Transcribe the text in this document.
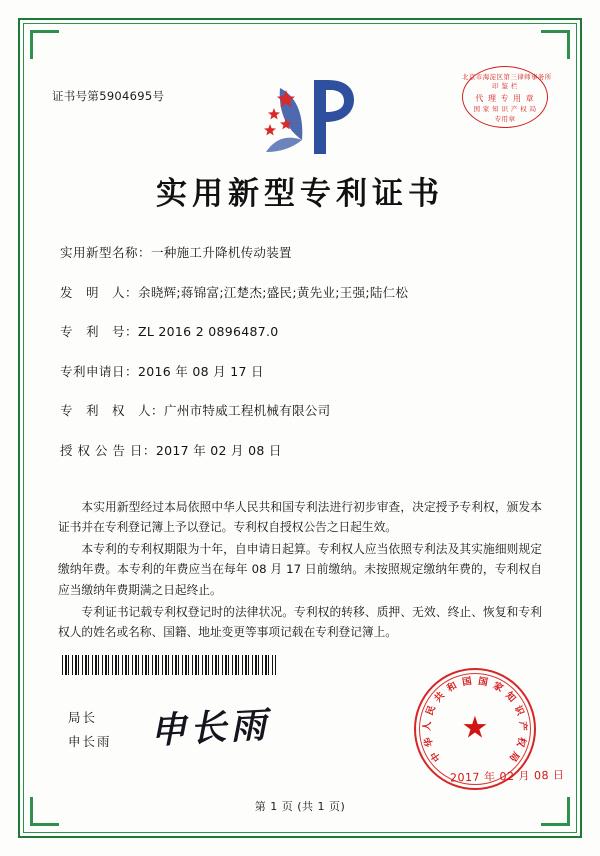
证书号第5904695号
北京市海淀区第三律师事务所
印 鉴 栏
代 理 专 用 章
国 家 知 识 产 权 局
专用章
实用新型专利证书
实用新型名称：一种施工升降机传动装置
发　明　人：余晓辉;蒋锦富;江楚杰;盛民;黄先业;王强;陆仁松
专　利　号：ZL 2016 2 0896487.0
专利申请日：2016 年 08 月 17 日
专　利　权　人：广州市特威工程机械有限公司
授 权 公 告 日：2017 年 02 月 08 日

本实用新型经过本局依照中华人民共和国专利法进行初步审查，决定授予专利权，颁发本证书并在专利登记簿上予以登记。专利权自授权公告之日起生效。

本专利的专利权期限为十年，自申请日起算。专利权人应当依照专利法及其实施细则规定缴纳年费。本专利的年费应当在每年 08 月 17 日前缴纳。未按照规定缴纳年费的，专利权自应当缴纳年费期满之日起终止。

专利证书记载专利权登记时的法律状况。专利权的转移、质押、无效、终止、恢复和专利权人的姓名或名称、国籍、地址变更等事项记载在专利登记簿上。

局长
申长雨 申长雨	★
中
华
人
民
共
和 国 国 家
知
识
产
权
局
2017 年 02 月 08 日
第 1 页 (共 1 页)
